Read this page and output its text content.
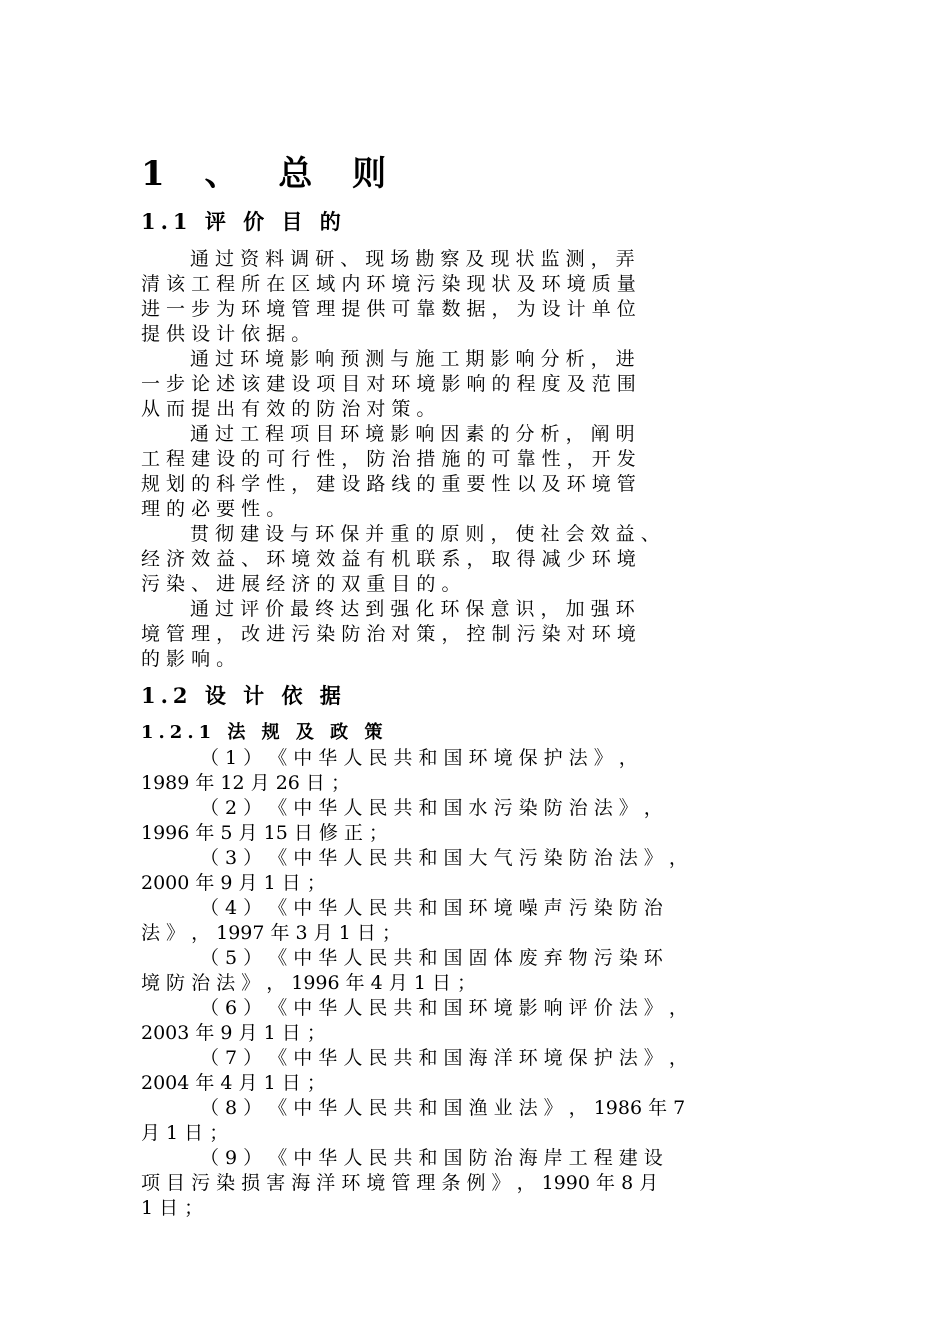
1 、 总 则
1.1 评 价 目 的
通 过 资 料 调 研 、 现 场 勘 察 及 现 状 监 测 ， 弄
清 该 工 程 所 在 区 域 内 环 境 污 染 现 状 及 环 境 质 量
进 一 步 为 环 境 管 理 提 供 可 靠 数 据 ， 为 设 计 单 位
提 供 设 计 依 据 。
通 过 环 境 影 响 预 测 与 施 工 期 影 响 分 析 ， 进
一 步 论 述 该 建 设 项 目 对 环 境 影 响 的 程 度 及 范 围
从 而 提 出 有 效 的 防 治 对 策 。
通 过 工 程 项 目 环 境 影 响 因 素 的 分 析 ， 阐 明
工 程 建 设 的 可 行 性 ， 防 治 措 施 的 可 靠 性 ， 开 发
规 划 的 科 学 性 ， 建 设 路 线 的 重 要 性 以 及 环 境 管
理 的 必 要 性 。
贯 彻 建 设 与 环 保 并 重 的 原 则 ， 使 社 会 效 益 、
经 济 效 益 、 环 境 效 益 有 机 联 系 ， 取 得 减 少 环 境
污 染 、 进 展 经 济 的 双 重 目 的 。
通 过 评 价 最 终 达 到 强 化 环 保 意 识 ， 加 强 环
境 管 理 ， 改 进 污 染 防 治 对 策 ， 控 制 污 染 对 环 境
的 影 响 。
1.2 设 计 依 据
1.2.1 法 规 及 政 策
（ 1 ） 《 中 华 人 民 共 和 国 环 境 保 护 法 》 ，
1989 年 12 月 26 日 ；
（ 2 ） 《 中 华 人 民 共 和 国 水 污 染 防 治 法 》 ，
1996 年 5 月 15 日 修 正 ；
（ 3 ） 《 中 华 人 民 共 和 国 大 气 污 染 防 治 法 》 ，
2000 年 9 月 1 日 ；
（ 4 ） 《 中 华 人 民 共 和 国 环 境 噪 声 污 染 防 治
法 》 ， 1997 年 3 月 1 日 ；
（ 5 ） 《 中 华 人 民 共 和 国 固 体 废 弃 物 污 染 环
境 防 治 法 》 ， 1996 年 4 月 1 日 ；
（ 6 ） 《 中 华 人 民 共 和 国 环 境 影 响 评 价 法 》 ，
2003 年 9 月 1 日 ；
（ 7 ） 《 中 华 人 民 共 和 国 海 洋 环 境 保 护 法 》 ，
2004 年 4 月 1 日 ；
（ 8 ） 《 中 华 人 民 共 和 国 渔 业 法 》 ， 1986 年 7
月 1 日 ；
（ 9 ） 《 中 华 人 民 共 和 国 防 治 海 岸 工 程 建 设
项 目 污 染 损 害 海 洋 环 境 管 理 条 例 》 ， 1990 年 8 月
1 日 ；
